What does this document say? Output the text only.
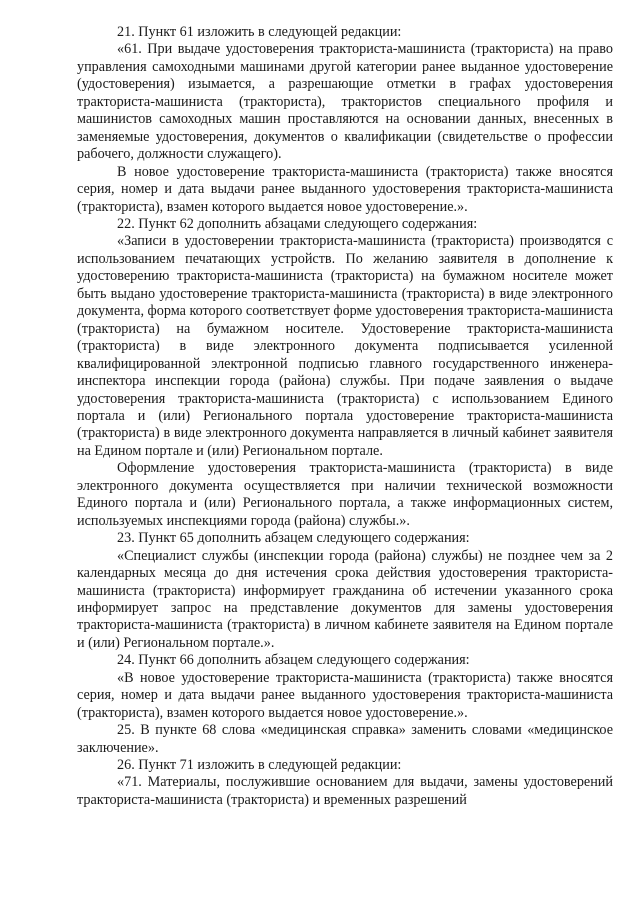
21. Пункт 61 изложить в следующей редакции:

«61. При выдаче удостоверения тракториста-машиниста (тракториста) на право управления самоходными машинами другой категории ранее выданное удостоверение (удостоверения) изымается, а разрешающие отметки в графах удостоверения тракториста-машиниста (тракториста), трактористов специального профиля и машинистов самоходных машин проставляются на основании данных, внесенных в заменяемые удостоверения, документов о квалификации (свидетельстве о профессии рабочего, должности служащего).

В новое удостоверение тракториста-машиниста (тракториста) также вносятся серия, номер и дата выдачи ранее выданного удостоверения тракториста-машиниста (тракториста), взамен которого выдается новое удостоверение.».

22. Пункт 62 дополнить абзацами следующего содержания:

«Записи в удостоверении тракториста-машиниста (тракториста) производятся с использованием печатающих устройств. По желанию заявителя в дополнение к удостоверению тракториста-машиниста (тракториста) на бумажном носителе может быть выдано удостоверение тракториста-машиниста (тракториста) в виде электронного документа, форма которого соответствует форме удостоверения тракториста-машиниста (тракториста) на бумажном носителе. Удостоверение тракториста-машиниста (тракториста) в виде электронного документа подписывается усиленной квалифицированной электронной подписью главного государственного инженера-инспектора инспекции города (района) службы. При подаче заявления о выдаче удостоверения тракториста-машиниста (тракториста) с использованием Единого портала и (или) Регионального портала удостоверение тракториста-машиниста (тракториста) в виде электронного документа направляется в личный кабинет заявителя на Едином портале и (или) Региональном портале.

Оформление удостоверения тракториста-машиниста (тракториста) в виде электронного документа осуществляется при наличии технической возможности Единого портала и (или) Регионального портала, а также информационных систем, используемых инспекциями города (района) службы.».

23. Пункт 65 дополнить абзацем следующего содержания:

«Специалист службы (инспекции города (района) службы) не позднее чем за 2 календарных месяца до дня истечения срока действия удостоверения тракториста-машиниста (тракториста) информирует гражданина об истечении указанного срока информирует запрос на представление документов для замены удостоверения тракториста-машиниста (тракториста) в личном кабинете заявителя на Едином портале и (или) Региональном портале.».

24. Пункт 66 дополнить абзацем следующего содержания:

«В новое удостоверение тракториста-машиниста (тракториста) также вносятся серия, номер и дата выдачи ранее выданного удостоверения тракториста-машиниста (тракториста), взамен которого выдается новое удостоверение.».

25. В пункте 68 слова «медицинская справка» заменить словами «медицинское заключение».

26. Пункт 71 изложить в следующей редакции:

«71. Материалы, послужившие основанием для выдачи, замены удостоверений тракториста-машиниста (тракториста) и временных разрешений
